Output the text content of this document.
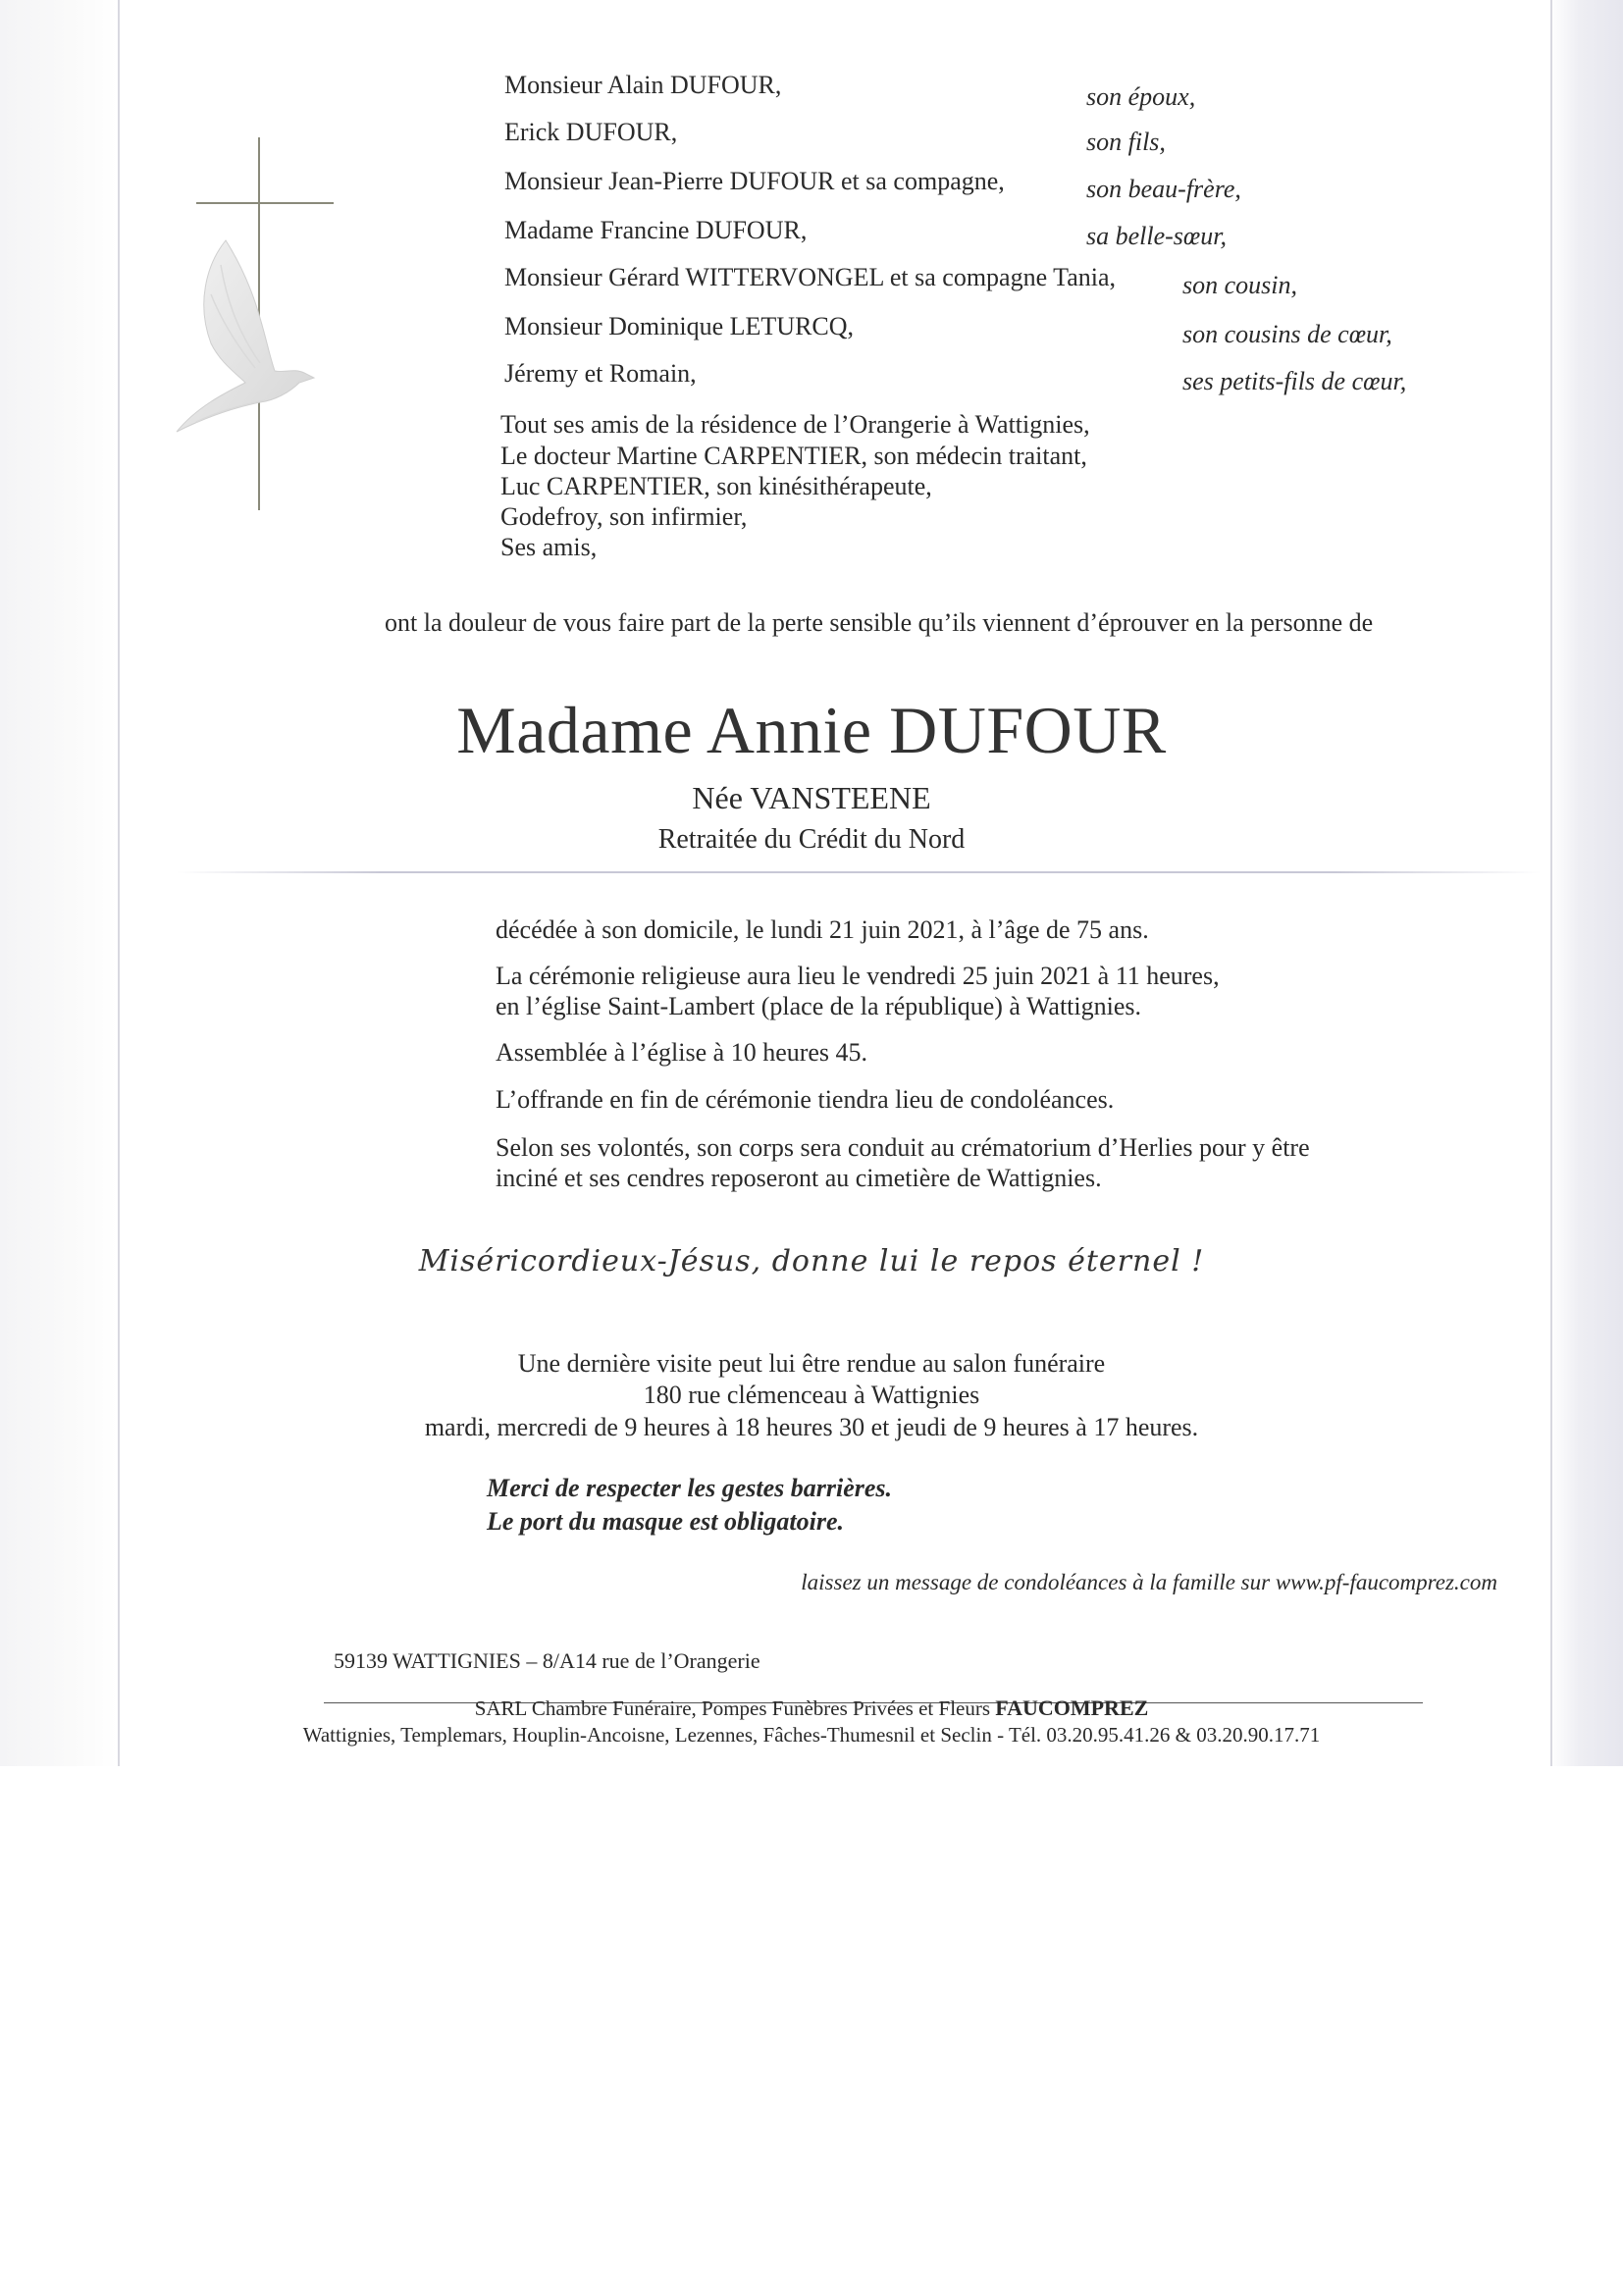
Monsieur Alain DUFOUR,	son époux,
Erick DUFOUR,	son fils,
Monsieur Jean-Pierre DUFOUR et sa compagne,	son beau-frère,
Madame Francine DUFOUR,	sa belle-sœur,
Monsieur Gérard WITTERVONGEL et sa compagne Tania,	son cousin,
Monsieur Dominique LETURCQ,	son cousins de cœur,
Jéremy et Romain,	ses petits-fils de cœur,
Tout ses amis de la résidence de l’Orangerie à Wattignies,
Le docteur Martine CARPENTIER, son médecin traitant,
Luc CARPENTIER, son kinésithérapeute,
Godefroy, son infirmier,
Ses amis,
ont la douleur de vous faire part de la perte sensible qu’ils viennent d’éprouver en la personne de
Madame Annie DUFOUR
Née VANSTEENE
Retraitée du Crédit du Nord
décédée à son domicile, le lundi 21 juin 2021, à l’âge de 75 ans.
La cérémonie religieuse aura lieu le vendredi 25 juin 2021 à 11 heures,
en l’église Saint-Lambert (place de la république) à Wattignies.
Assemblée à l’église à 10 heures 45.
L’offrande en fin de cérémonie tiendra lieu de condoléances.
Selon ses volontés, son corps sera conduit au crématorium d’Herlies pour y être
inciné et ses cendres reposeront au cimetière de Wattignies.
Miséricordieux-Jésus, donne lui le repos éternel !
Une dernière visite peut lui être rendue au salon funéraire
180 rue clémenceau à Wattignies
mardi, mercredi de 9 heures à 18 heures 30 et jeudi de 9 heures à 17 heures.
Merci de respecter les gestes barrières.
Le port du masque est obligatoire.
laissez un message de condoléances à la famille sur www.pf-faucomprez.com
59139 WATTIGNIES – 8/A14 rue de l’Orangerie
SARL Chambre Funéraire, Pompes Funèbres Privées et Fleurs FAUCOMPREZ
Wattignies, Templemars, Houplin-Ancoisne, Lezennes, Fâches-Thumesnil et Seclin - Tél. 03.20.95.41.26 & 03.20.90.17.71
